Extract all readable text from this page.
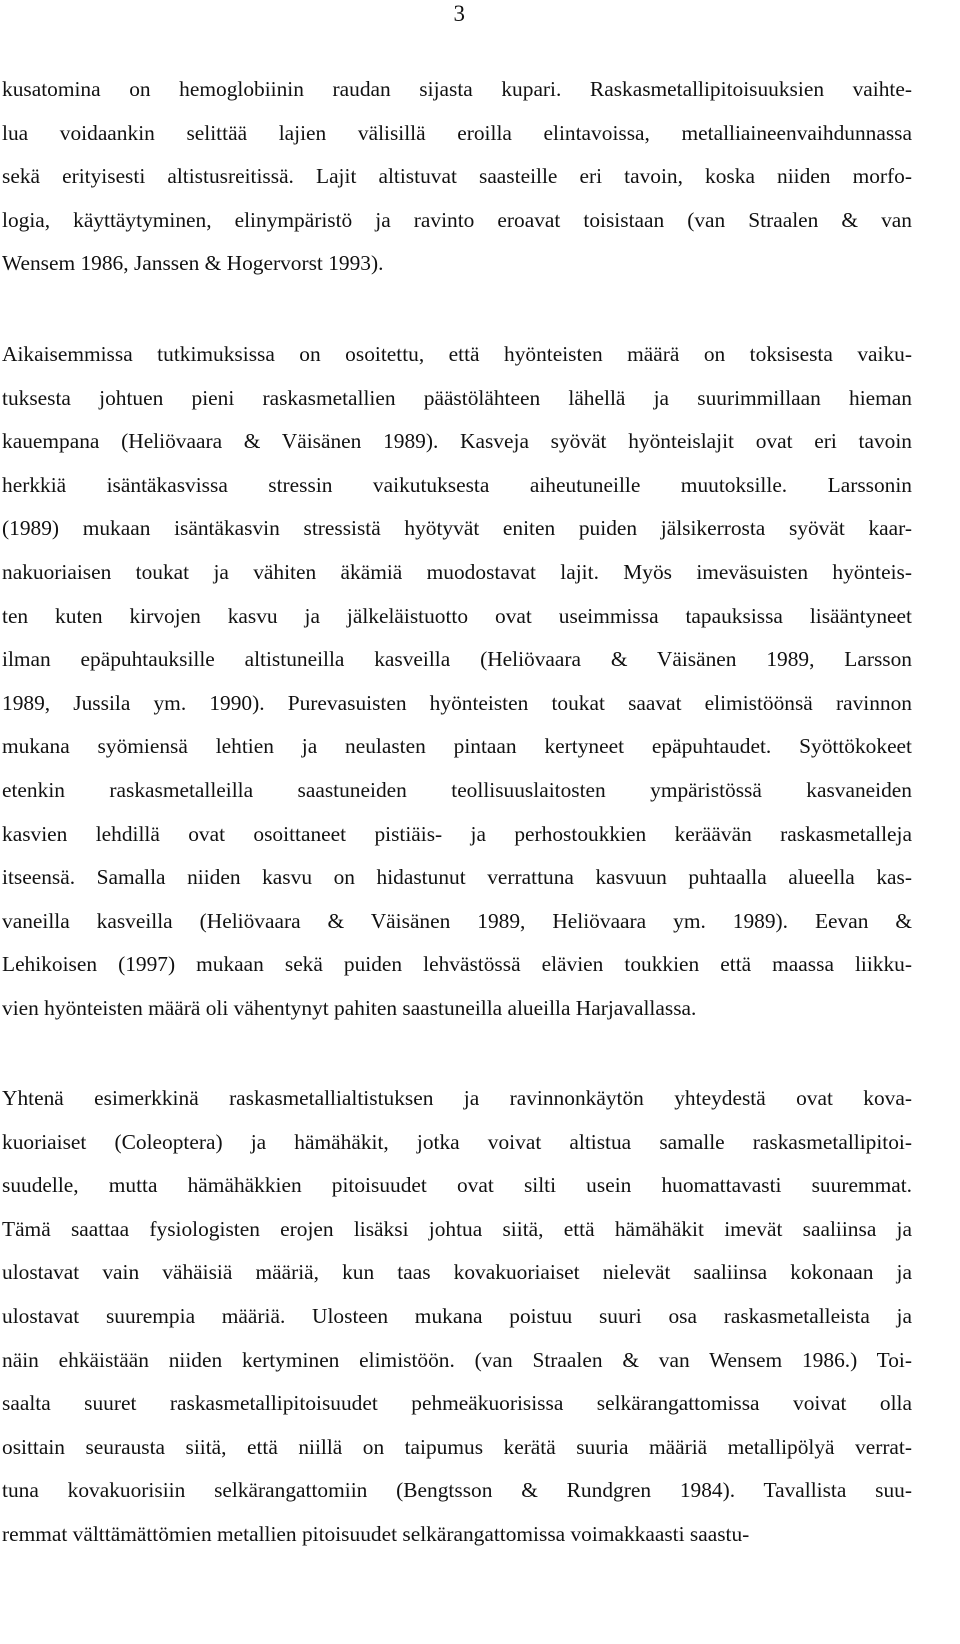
3
kusatomina on hemoglobiinin raudan sijasta kupari. Raskasmetallipitoisuuksien vaihte-
lua voidaankin selittää lajien välisillä eroilla elintavoissa, metalliaineenvaihdunnassa
sekä erityisesti altistusreitissä. Lajit altistuvat saasteille eri tavoin, koska niiden morfo-
logia, käyttäytyminen, elinympäristö ja ravinto eroavat toisistaan (van Straalen & van
Wensem 1986, Janssen & Hogervorst 1993).
Aikaisemmissa tutkimuksissa on osoitettu, että hyönteisten määrä on toksisesta vaiku-
tuksesta johtuen pieni raskasmetallien päästölähteen lähellä ja suurimmillaan hieman
kauempana (Heliövaara & Väisänen 1989). Kasveja syövät hyönteislajit ovat eri tavoin
herkkiä isäntäkasvissa stressin vaikutuksesta aiheutuneille muutoksille. Larssonin
(1989) mukaan isäntäkasvin stressistä hyötyvät eniten puiden jälsikerrosta syövät kaar-
nakuoriaisen toukat ja vähiten äkämiä muodostavat lajit. Myös imeväsuisten hyönteis-
ten kuten kirvojen kasvu ja jälkeläistuotto ovat useimmissa tapauksissa lisääntyneet
ilman epäpuhtauksille altistuneilla kasveilla (Heliövaara & Väisänen 1989, Larsson
1989, Jussila ym. 1990). Purevasuisten hyönteisten toukat saavat elimistöönsä ravinnon
mukana syömiensä lehtien ja neulasten pintaan kertyneet epäpuhtaudet. Syöttökokeet
etenkin raskasmetalleilla saastuneiden teollisuuslaitosten ympäristössä kasvaneiden
kasvien lehdillä ovat osoittaneet pistiäis- ja perhostoukkien keräävän raskasmetalleja
itseensä. Samalla niiden kasvu on hidastunut verrattuna kasvuun puhtaalla alueella kas-
vaneilla kasveilla (Heliövaara & Väisänen 1989, Heliövaara ym. 1989). Eevan &
Lehikoisen (1997) mukaan sekä puiden lehvästössä elävien toukkien että maassa liikku-
vien hyönteisten määrä oli vähentynyt pahiten saastuneilla alueilla Harjavallassa.
Yhtenä esimerkkinä raskasmetallialtistuksen ja ravinnonkäytön yhteydestä ovat kova-
kuoriaiset (Coleoptera) ja hämähäkit, jotka voivat altistua samalle raskasmetallipitoi-
suudelle, mutta hämähäkkien pitoisuudet ovat silti usein huomattavasti suuremmat.
Tämä saattaa fysiologisten erojen lisäksi johtua siitä, että hämähäkit imevät saaliinsa ja
ulostavat vain vähäisiä määriä, kun taas kovakuoriaiset nielevät saaliinsa kokonaan ja
ulostavat suurempia määriä. Ulosteen mukana poistuu suuri osa raskasmetalleista ja
näin ehkäistään niiden kertyminen elimistöön. (van Straalen & van Wensem 1986.) Toi-
saalta suuret raskasmetallipitoisuudet pehmeäkuorisissa selkärangattomissa voivat olla
osittain seurausta siitä, että niillä on taipumus kerätä suuria määriä metallipölyä verrat-
tuna kovakuorisiin selkärangattomiin (Bengtsson & Rundgren 1984). Tavallista suu-
remmat välttämättömien metallien pitoisuudet selkärangattomissa voimakkaasti saastu-
